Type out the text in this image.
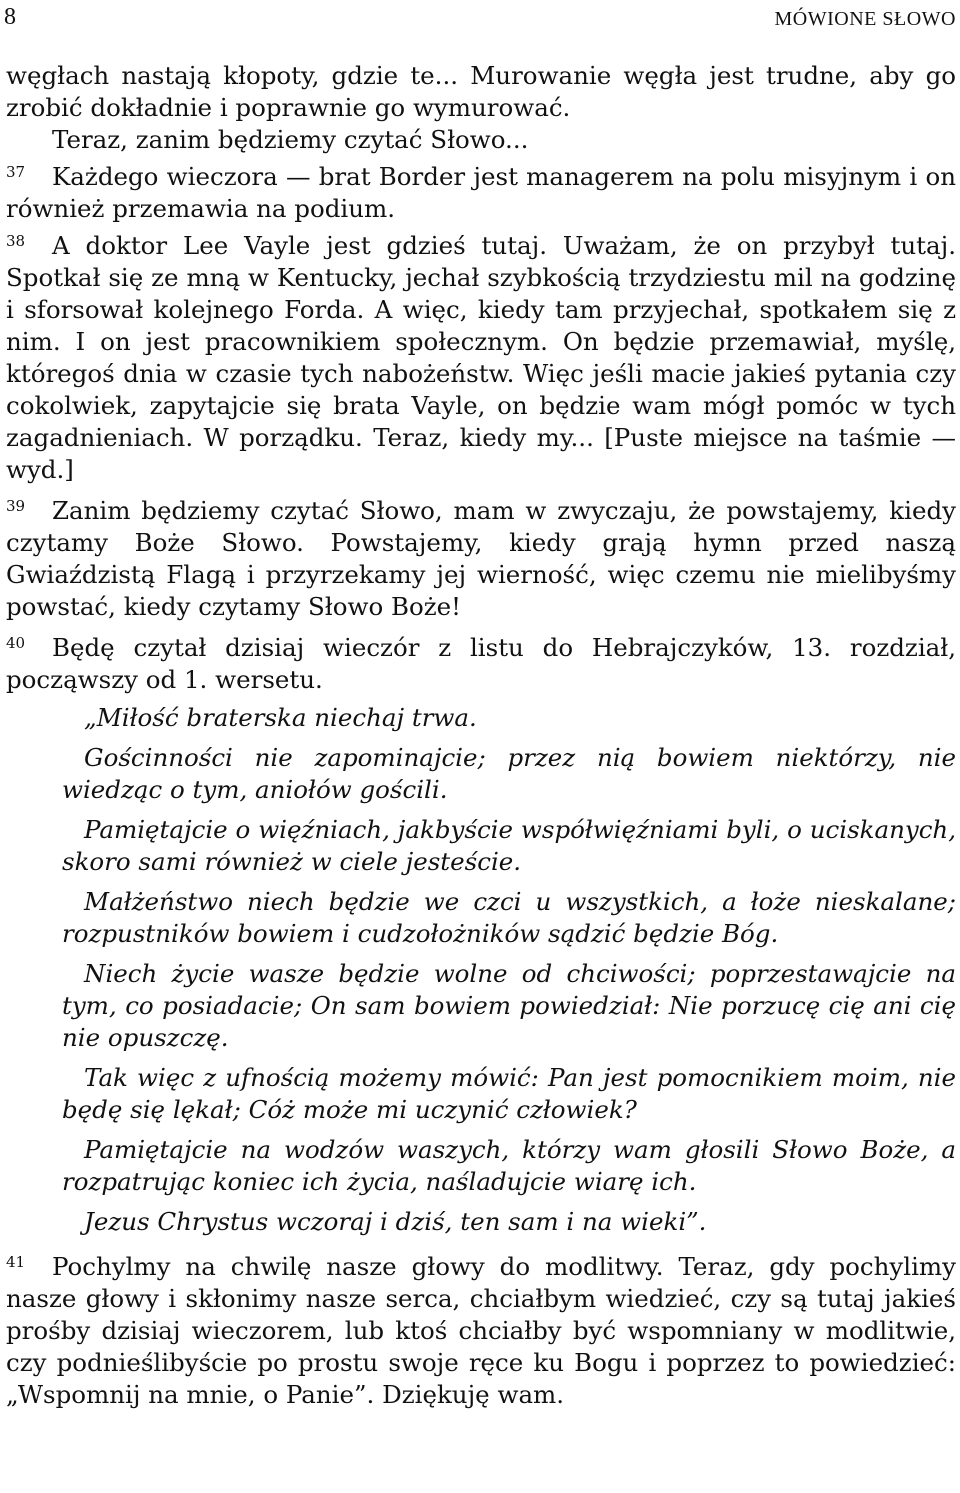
8	MÓWIONE SŁOWO

węgłach nastają kłopoty, gdzie te... Murowanie węgła jest trudne, aby go zrobić dokładnie i poprawnie go wymurować.

Teraz, zanim będziemy czytać Słowo...

37 Każdego wieczora — brat Border jest managerem na polu misyjnym i on również przemawia na podium.

38 A doktor Lee Vayle jest gdzieś tutaj. Uważam, że on przybył tutaj. Spotkał się ze mną w Kentucky, jechał szybkością trzydziestu mil na godzinę i sforsował kolejnego Forda. A więc, kiedy tam przyjechał, spotkałem się z nim. I on jest pracownikiem społecznym. On będzie przemawiał, myślę, któregoś dnia w czasie tych nabożeństw. Więc jeśli macie jakieś pytania czy cokolwiek, zapytajcie się brata Vayle, on będzie wam mógł pomóc w tych zagadnieniach. W porządku. Teraz, kiedy my... [Puste miejsce na taśmie — wyd.]

39 Zanim będziemy czytać Słowo, mam w zwyczaju, że powstajemy, kiedy czytamy Boże Słowo. Powstajemy, kiedy grają hymn przed naszą Gwiaździstą Flagą i przyrzekamy jej wierność, więc czemu nie mielibyśmy powstać, kiedy czytamy Słowo Boże!

40 Będę czytał dzisiaj wieczór z listu do Hebrajczyków, 13. rozdział, począwszy od 1. wersetu.

„Miłość braterska niechaj trwa.

Gościnności nie zapominajcie; przez nią bowiem niektórzy, nie wiedząc o tym, aniołów gościli.

Pamiętajcie o więźniach, jakbyście współwięźniami byli, o uciskanych, skoro sami również w ciele jesteście.

Małżeństwo niech będzie we czci u wszystkich, a łoże nieskalane; rozpustników bowiem i cudzołożników sądzić będzie Bóg.

Niech życie wasze będzie wolne od chciwości; poprzestawajcie na tym, co posiadacie; On sam bowiem powiedział: Nie porzucę cię ani cię nie opuszczę.

Tak więc z ufnością możemy mówić: Pan jest pomocnikiem moim, nie będę się lękał; Cóż może mi uczynić człowiek?

Pamiętajcie na wodzów waszych, którzy wam głosili Słowo Boże, a rozpatrując koniec ich życia, naśladujcie wiarę ich.

Jezus Chrystus wczoraj i dziś, ten sam i na wieki”.

41 Pochylmy na chwilę nasze głowy do modlitwy. Teraz, gdy pochylimy nasze głowy i skłonimy nasze serca, chciałbym wiedzieć, czy są tutaj jakieś prośby dzisiaj wieczorem, lub ktoś chciałby być wspomniany w modlitwie, czy podnieślibyście po prostu swoje ręce ku Bogu i poprzez to powiedzieć: „Wspomnij na mnie, o Panie”. Dziękuję wam.
